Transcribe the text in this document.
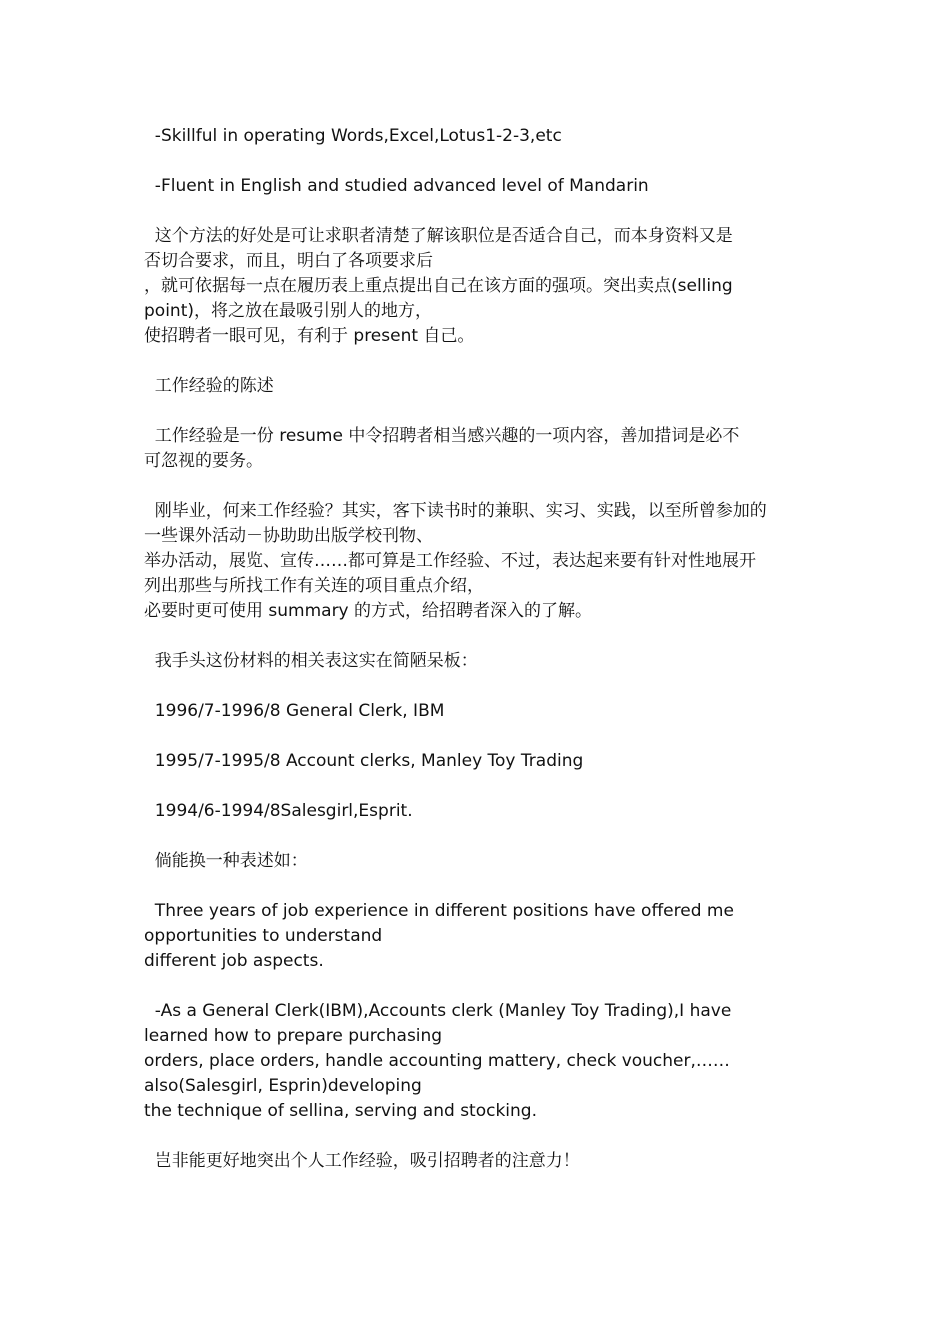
-Skillful in operating Words,Excel,Lotus1-2-3,etc
-Fluent in English and studied advanced level of Mandarin
这个方法的好处是可让求职者清楚了解该职位是否适合自己，而本身资料又是
否切合要求，而且，明白了各项要求后
，就可依据每一点在履历表上重点提出自己在该方面的强项。突出卖点(selling
point)，将之放在最吸引别人的地方，
使招聘者一眼可见，有利于 present 自己。
工作经验的陈述
工作经验是一份 resume 中令招聘者相当感兴趣的一项内容，善加措词是必不
可忽视的要务。
刚毕业，何来工作经验？其实，客下读书时的兼职、实习、实践，以至所曾参加的
一些课外活动－协助助出版学校刊物、
举办活动，展览、宣传……都可算是工作经验、不过，表达起来要有针对性地展开
列出那些与所找工作有关连的项目重点介绍，
必要时更可使用 summary 的方式，给招聘者深入的了解。
我手头这份材料的相关表这实在简陋呆板：
1996/7-1996/8 General Clerk, IBM
1995/7-1995/8 Account clerks, Manley Toy Trading
1994/6-1994/8Salesgirl,Esprit.
倘能换一种表述如：
Three years of job experience in different positions have offered me
opportunities to understand
different job aspects.
-As a General Clerk(IBM),Accounts clerk (Manley Toy Trading),I have
learned how to prepare purchasing
orders, place orders, handle accounting mattery, check voucher,……
also(Salesgirl, Esprin)developing
the technique of sellina, serving and stocking.
岂非能更好地突出个人工作经验，吸引招聘者的注意力！
